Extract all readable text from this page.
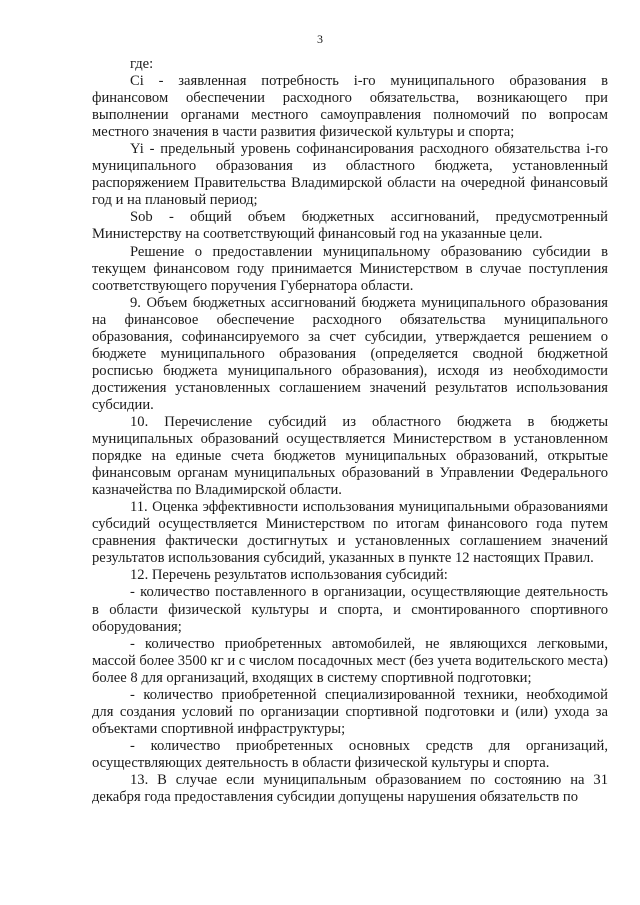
3

где:

Ci - заявленная потребность i-го муниципального образования в финансовом обеспечении расходного обязательства, возникающего при выполнении органами местного самоуправления полномочий по вопросам местного значения в части развития физической культуры и спорта;

Yi - предельный уровень софинансирования расходного обязательства i-го муниципального образования из областного бюджета, установленный распоряжением Правительства Владимирской области на очередной финансовый год и на плановый период;

Sob - общий объем бюджетных ассигнований, предусмотренный Министерству на соответствующий финансовый год на указанные цели.

Решение о предоставлении муниципальному образованию субсидии в текущем финансовом году принимается Министерством в случае поступления соответствующего поручения Губернатора области.

9. Объем бюджетных ассигнований бюджета муниципального образования на финансовое обеспечение расходного обязательства муниципального образования, софинансируемого за счет субсидии, утверждается решением о бюджете муниципального образования (определяется сводной бюджетной росписью бюджета муниципального образования), исходя из необходимости достижения установленных соглашением значений результатов использования субсидии.

10. Перечисление субсидий из областного бюджета в бюджеты муниципальных образований осуществляется Министерством в установленном порядке на единые счета бюджетов муниципальных образований, открытые финансовым органам муниципальных образований в Управлении Федерального казначейства по Владимирской области.

11. Оценка эффективности использования муниципальными образованиями субсидий осуществляется Министерством по итогам финансового года путем сравнения фактически достигнутых и установленных соглашением значений результатов использования субсидий, указанных в пункте 12 настоящих Правил.

12. Перечень результатов использования субсидий:

- количество поставленного в организации, осуществляющие деятельность в области физической культуры и спорта, и смонтированного спортивного оборудования;

- количество приобретенных автомобилей, не являющихся легковыми, массой более 3500 кг и с числом посадочных мест (без учета водительского места) более 8 для организаций, входящих в систему спортивной подготовки;

- количество приобретенной специализированной техники, необходимой для создания условий по организации спортивной подготовки и (или) ухода за объектами спортивной инфраструктуры;

- количество приобретенных основных средств для организаций, осуществляющих деятельность в области физической культуры и спорта.

13. В случае если муниципальным образованием по состоянию на 31 декабря года предоставления субсидии допущены нарушения обязательств по
